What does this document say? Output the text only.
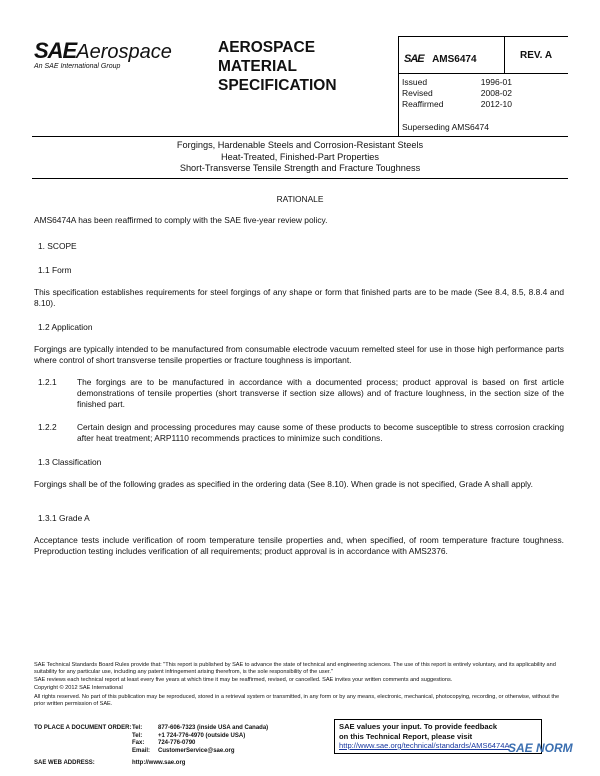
SAEAerospace
An SAE International Group
AEROSPACE
MATERIAL
SPECIFICATION
SAE AMS6474	REV. A
Issued	1996-01
Revised	2008-02
Reaffirmed	2012-10
Superseding AMS6474
Forgings, Hardenable Steels and Corrosion-Resistant Steels
Heat-Treated, Finished-Part Properties
Short-Transverse Tensile Strength and Fracture Toughness
RATIONALE
AMS6474A has been reaffirmed to comply with the SAE five-year review policy.
1. SCOPE
1.1 Form
This specification establishes requirements for steel forgings of any shape or form that finished parts are to be made (See 8.4, 8.5, 8.8.4 and 8.10).
1.2 Application
Forgings are typically intended to be manufactured from consumable electrode vacuum remelted steel for use in those high performance parts where control of short transverse tensile properties or fracture toughness is important.
1.2.1 The forgings are to be manufactured in accordance with a documented process; product approval is based on first article demonstrations of tensile properties (short transverse if section size allows) and of fracture loughness, in the section size of the finished part.
1.2.2 Certain design and processing procedures may cause some of these products to become susceptible to stress corrosion cracking after heat treatment; ARP1110 recommends practices to minimize such conditions.
1.3 Classification
Forgings shall be of the following grades as specified in the ordering data (See 8.10). When grade is not specified, Grade A shall apply.
1.3.1 Grade A
Acceptance tests include verification of room temperature tensile properties and, when specified, of room temperature fracture toughness. Preproduction testing includes verification of all requirements; product approval is in accordance with AMS2376.
SAE Technical Standards Board Rules provide that: "This report is published by SAE to advance the state of technical and engineering sciences. The use of this report is entirely voluntary, and its applicability and suitability for any particular use, including any patent infringement arising therefrom, is the sole responsibility of the user."
SAE reviews each technical report at least every five years at which time it may be reaffirmed, revised, or cancelled. SAE invites your written comments and suggestions.
Copyright © 2012 SAE International
All rights reserved. No part of this publication may be reproduced, stored in a retrieval system or transmitted, in any form or by any means, electronic, mechanical, photocopying, recording, or otherwise, without the prior written permission of SAE.
TO PLACE A DOCUMENT ORDER: Tel:	877-606-7323 (inside USA and Canada)
Tel:	+1 724-776-4970 (outside USA)
Fax: 724-776-0790
Email: CustomerService@sae.org
SAE WEB ADDRESS:	http://www.sae.org
SAE values your input. To provide feedback
on this Technical Report, please visit
http://www.sae.org/technical/standards/AMS6474A
SAE NORM
